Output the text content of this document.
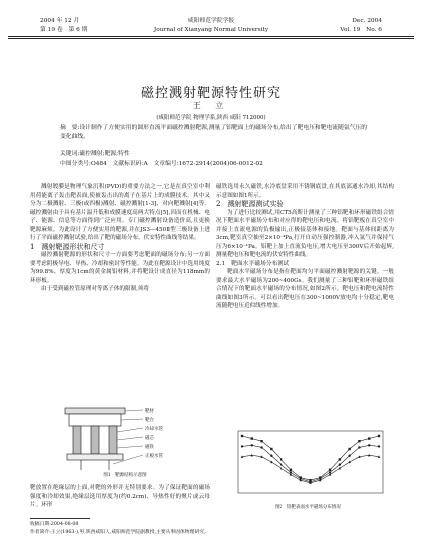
2004 年 12 月
第 19 卷　第 6 期
咸阳师范学院学报
Journal of Xianyang Normal University
Dec. 2004
Vol. 19　No. 6
磁控溅射靶源特性研究
王 立
(咸阳师范学院 物理学系,陕西 咸阳 712000)
摘　要:设计制作了方便实用的圆形直流平面磁控溅射靶源,测量了铝靶面上的磁场分布,给出了靶电压和靶电流随氩气压的变化曲线。
关键词:磁控溅射;靶源;特性
中图分类号:O484　文献标识码:A　文章编号:1672-2914(2004)06-0012-02

溅射镀膜是物理气象沉积(PVD)的重要方法之一,它是在真空室中利用荷能离子轰击靶表面,使被轰击出的离子在基片上的成膜技术。其中又分为二极溅射、三极(或四极)溅射、磁控溅射[1-3]、对向靶溅射[4]等。磁控溅射由于具有基片温升低和成膜速度高两大特点[5],因而在机械、电子、能源、信息等方面得到广泛应用。专门磁控溅射设备造价高,且更换靶源麻烦。为此设计了方便实用的靶源,并在JS3—450Ⅱ型三极设备上进行了平面磁控溅射试验,给出了靶的磁场分布、伏安特性曲线等结果。

1　溅射靶源形状和尺寸

磁控溅射靶源的形状和尺寸一方面要考虑靶面的磁场分布;另一方面要考虑阴极导电、导热、冷却和密封等性能。为此在靶源设计中选用纯度为99.8%、厚度为1cm的黄金属铝材料,并将靶设计成直径为118mm的环形板。

由于受到磁控管原理对等离子体的限制,须将

靶材
靶台
冷却水管
磁芯
磁铁
正板水管
图1　靶源结构示意图

靶放置在绝缘层的上面,对靶的外形并无特别要求。为了保证靶面的磁场强度和冷却效果,绝缘层选用厚度为(约0.2cm)、导热性好的聚片或云母片。环形

磁铁选用永久磁铁,水冷底盘采用不锈钢底盘,在其底部通水冷却,其结构示意图如图1所示。

2　溅射靶源测试实验

为了进行比较测试,用CT5高斯计测量了三种铝靶和环形磁铁组合情况下靶面水平磁场分布和对应得的靶电压和电流。将铝靶板在真空室中并接上直流电源的负极输出,正极接基体和接地。靶面与基体间距离为3cm,靶室真空抽至2×10⁻⁴Pa,打开自动压强控制器,冲入氩气并保持气压为6×10⁻¹Pa。铝靶上加上直流负电压,增大电压至300V后开始起辉,测量靶电压和靶电流的伏安特性曲线。

2.1　靶面水平磁场分布测试

靶面水平磁场分布是指在靶面均匀平面磁控溅射靶源的关键。一般要求最大水平磁场为200~400Gs。我们测量了三种铝靶和环形磁铁组合情况下的靶面水平磁场的分布情况,如图2所示。靶电压和靶电流特性曲线如图3所示。可以看出靶电压在300~1000V放电均十分稳定,靶电流随靶电压近似线性增加。

图2　铝靶表面水平磁场分布情况
收稿日期:2004-08-08
作者简介:王立(1963-),男,陕西咸阳人,咸阳师范学院副教授,主要从事固体物理研究。
